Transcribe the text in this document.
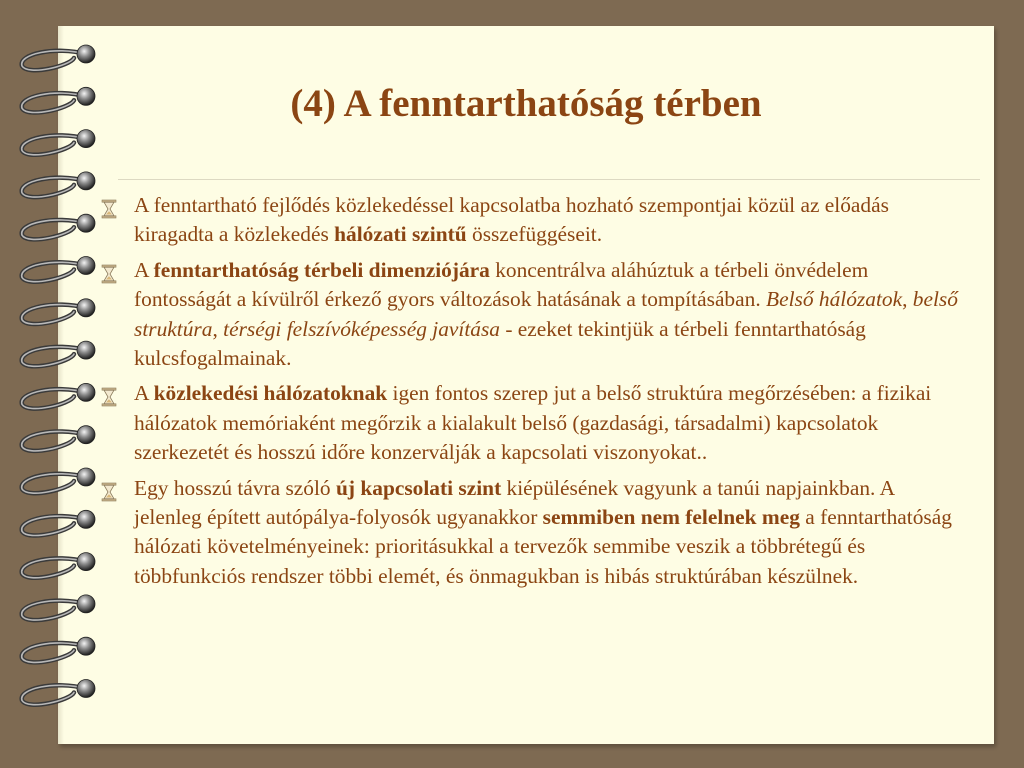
(4) A fenntarthatóság térben
A fenntartható fejlődés közlekedéssel kapcsolatba hozható szempontjai közül az előadás kiragadta a közlekedés hálózati szintű összefüggéseit.
A fenntarthatóság térbeli dimenziójára koncentrálva aláhúztuk a térbeli önvédelem fontosságát a kívülről érkező gyors változások hatásának a tompításában. Belső hálózatok, belső struktúra, térségi felszívóképesség javítása - ezeket tekintjük a térbeli fenntarthatóság kulcsfogalmainak.
A közlekedési hálózatoknak igen fontos szerep jut a belső struktúra megőrzésében: a fizikai hálózatok memóriaként megőrzik a kialakult belső (gazdasági, társadalmi) kapcsolatok szerkezetét és hosszú időre konzerválják a kapcsolati viszonyokat..
Egy hosszú távra szóló új kapcsolati szint kiépülésének vagyunk a tanúi napjainkban. A jelenleg épített autópálya-folyosók ugyanakkor semmiben nem felelnek meg a fenntarthatóság hálózati követelményeinek: prioritásukkal a tervezők semmibe veszik a többrétegű és többfunkciós rendszer többi elemét, és önmagukban is hibás struktúrában készülnek.
